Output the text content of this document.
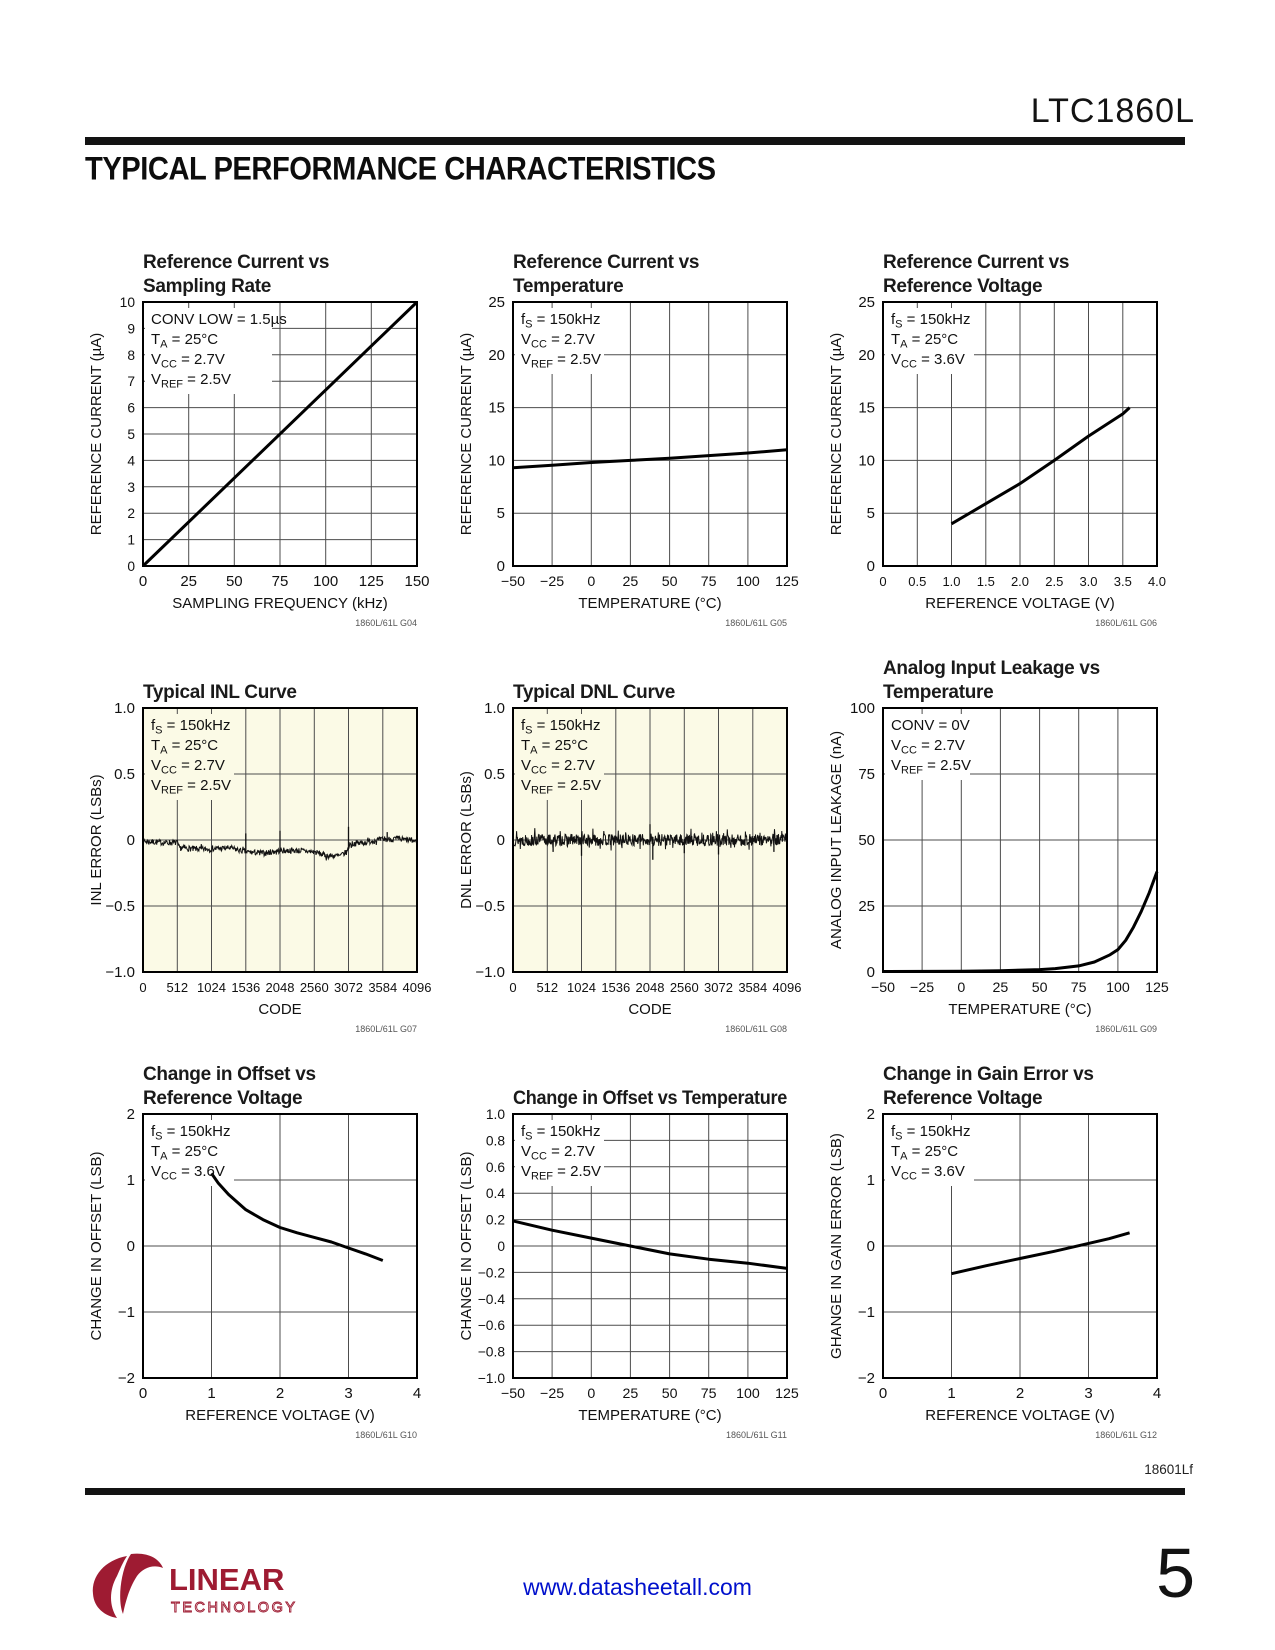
LTC1860L
TYPICAL PERFORMANCE CHARACTERISTICS
Reference Current vs
Sampling Rate
CONV LOW = 1.5µs
$T_A = 25^\circ C$
$V_{CC} = 2.7V$
$V_{REF} = 2.5V$
0 25 50 75 100 125 150
0
1
2
3
4
5
6
7
8
9
10
SAMPLING FREQUENCY (kHz)
REFERENCE CURRENT (µA)
1860L/61L G04
Reference Current vs
Temperature
$f_S = 150kHz$
$V_{CC} = 2.7V$
$V_{REF} = 2.5V$
−50 −25 0 25 50 75 100 125
0
5
10
15
20
25
TEMPERATURE (°C)
REFERENCE CURRENT (µA)
1860L/61L G05
Reference Current vs
Reference Voltage
$f_S = 150kHz$
$T_A = 25^\circ C$
$V_{CC} = 3.6V$
0 0.5 1.0 1.5 2.0 2.5 3.0 3.5 4.0
0
5
10
15
20
25
REFERENCE VOLTAGE (V)
REFERENCE CURRENT (µA)
1860L/61L G06
Typical INL Curve
$f_S = 150kHz$
$T_A = 25^\circ C$
$V_{CC} = 2.7V$
$V_{REF} = 2.5V$
0 512 1024 1536 2048 2560 3072 3584 4096
−1.0
−0.5
0
0.5
1.0
CODE
INL ERROR (LSBs)
1860L/61L G07
Typical DNL Curve
$f_S = 150kHz$
$T_A = 25^\circ C$
$V_{CC} = 2.7V$
$V_{REF} = 2.5V$
0 512 1024 1536 2048 2560 3072 3584 4096
−1.0
−0.5
0
0.5
1.0
CODE
DNL ERROR (LSBs)
1860L/61L G08
Analog Input Leakage vs
Temperature
CONV = 0V
$V_{CC} = 2.7V$
$V_{REF} = 2.5V$
−50 −25 0 25 50 75 100 125
0
25
50
75
100
TEMPERATURE (°C)
ANALOG INPUT LEAKAGE (nA)
1860L/61L G09
Change in Offset vs
Reference Voltage
$f_S = 150kHz$
$T_A = 25^\circ C$
$V_{CC} = 3.6V$
0	1	2	3	4
−2
−1
0
1
2
REFERENCE VOLTAGE (V)
CHANGE IN OFFSET (LSB)
1860L/61L G10
Change in Offset vs Temperature
$f_S = 150kHz$
$V_{CC} = 2.7V$
$V_{REF} = 2.5V$
−50 −25 0 25 50 75 100 125
−1.0
−0.8
−0.6
−0.4
−0.2
0
0.2
0.4
0.6
0.8
1.0
TEMPERATURE (°C)
CHANGE IN OFFSET (LSB)
1860L/61L G11
Change in Gain Error vs
Reference Voltage
$f_S = 150kHz$
$T_A = 25^\circ C$
$V_{CC} = 3.6V$
0	1	2	3	4
−2
−1
0
1
2
REFERENCE VOLTAGE (V)
GHANGE IN GAIN ERROR (LSB)
1860L/61L G12
18601Lf
LINEAR
TECHNOLOGY
www.datasheetall.com	5
